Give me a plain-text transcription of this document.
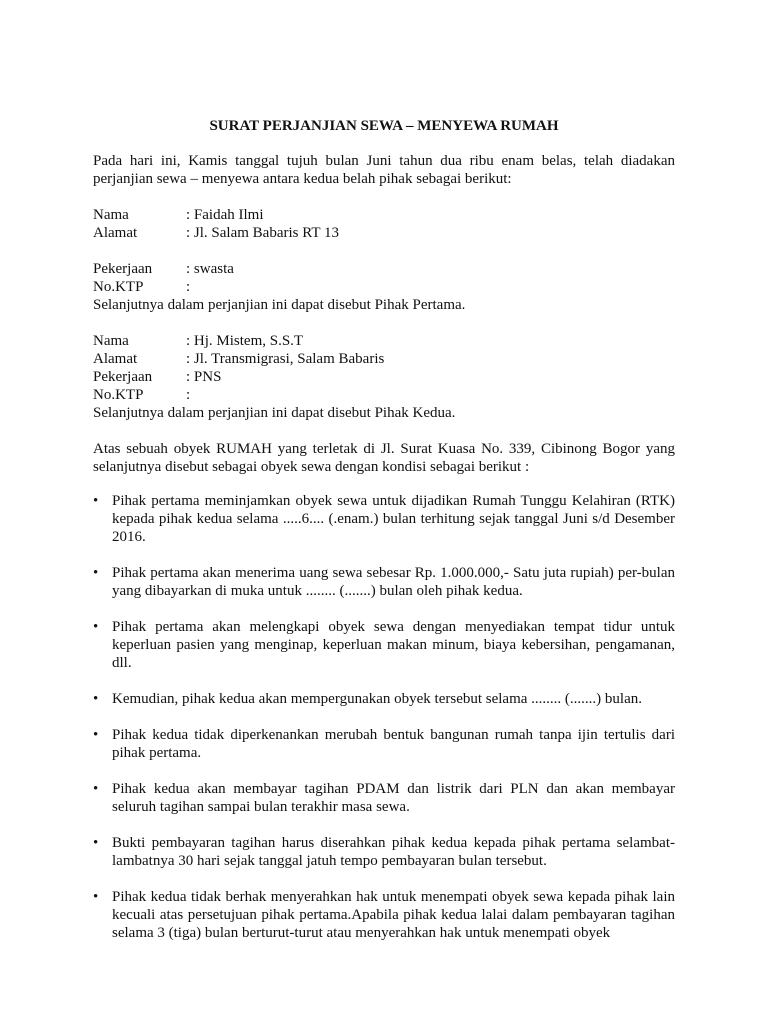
SURAT PERJANJIAN SEWA – MENYEWA RUMAH

Pada hari ini, Kamis tanggal tujuh bulan Juni tahun dua ribu enam belas, telah diadakan perjanjian sewa – menyewa antara kedua belah pihak sebagai berikut:

Nama	: Faidah Ilmi
Alamat	: Jl. Salam Babaris RT 13
Pekerjaan	: swasta
No.KTP	:

Selanjutnya dalam perjanjian ini dapat disebut Pihak Pertama.

Nama	: Hj. Mistem, S.S.T
Alamat	: Jl. Transmigrasi, Salam Babaris
Pekerjaan	: PNS
No.KTP	:

Selanjutnya dalam perjanjian ini dapat disebut Pihak Kedua.

Atas sebuah obyek RUMAH yang terletak di Jl. Surat Kuasa No. 339, Cibinong Bogor yang selanjutnya disebut sebagai obyek sewa dengan kondisi sebagai berikut :

• Pihak pertama meminjamkan obyek sewa untuk dijadikan Rumah Tunggu Kelahiran (RTK) kepada pihak kedua selama .....6.... (.enam.) bulan terhitung sejak tanggal Juni s/d Desember 2016.
• Pihak pertama akan menerima uang sewa sebesar Rp. 1.000.000,- Satu juta rupiah) per-bulan yang dibayarkan di muka untuk ........ (.......) bulan oleh pihak kedua.
• Pihak pertama akan melengkapi obyek sewa dengan menyediakan tempat tidur untuk keperluan pasien yang menginap, keperluan makan minum, biaya kebersihan, pengamanan, dll.
• Kemudian, pihak kedua akan mempergunakan obyek tersebut selama ........ (.......) bulan.
• Pihak kedua tidak diperkenankan merubah bentuk bangunan rumah tanpa ijin tertulis dari pihak pertama.
• Pihak kedua akan membayar tagihan PDAM dan listrik dari PLN dan akan membayar seluruh tagihan sampai bulan terakhir masa sewa.
• Bukti pembayaran tagihan harus diserahkan pihak kedua kepada pihak pertama selambat-lambatnya 30 hari sejak tanggal jatuh tempo pembayaran bulan tersebut.
• Pihak kedua tidak berhak menyerahkan hak untuk menempati obyek sewa kepada pihak lain kecuali atas persetujuan pihak pertama.Apabila pihak kedua lalai dalam pembayaran tagihan selama 3 (tiga) bulan berturut-turut atau menyerahkan hak untuk menempati obyek
